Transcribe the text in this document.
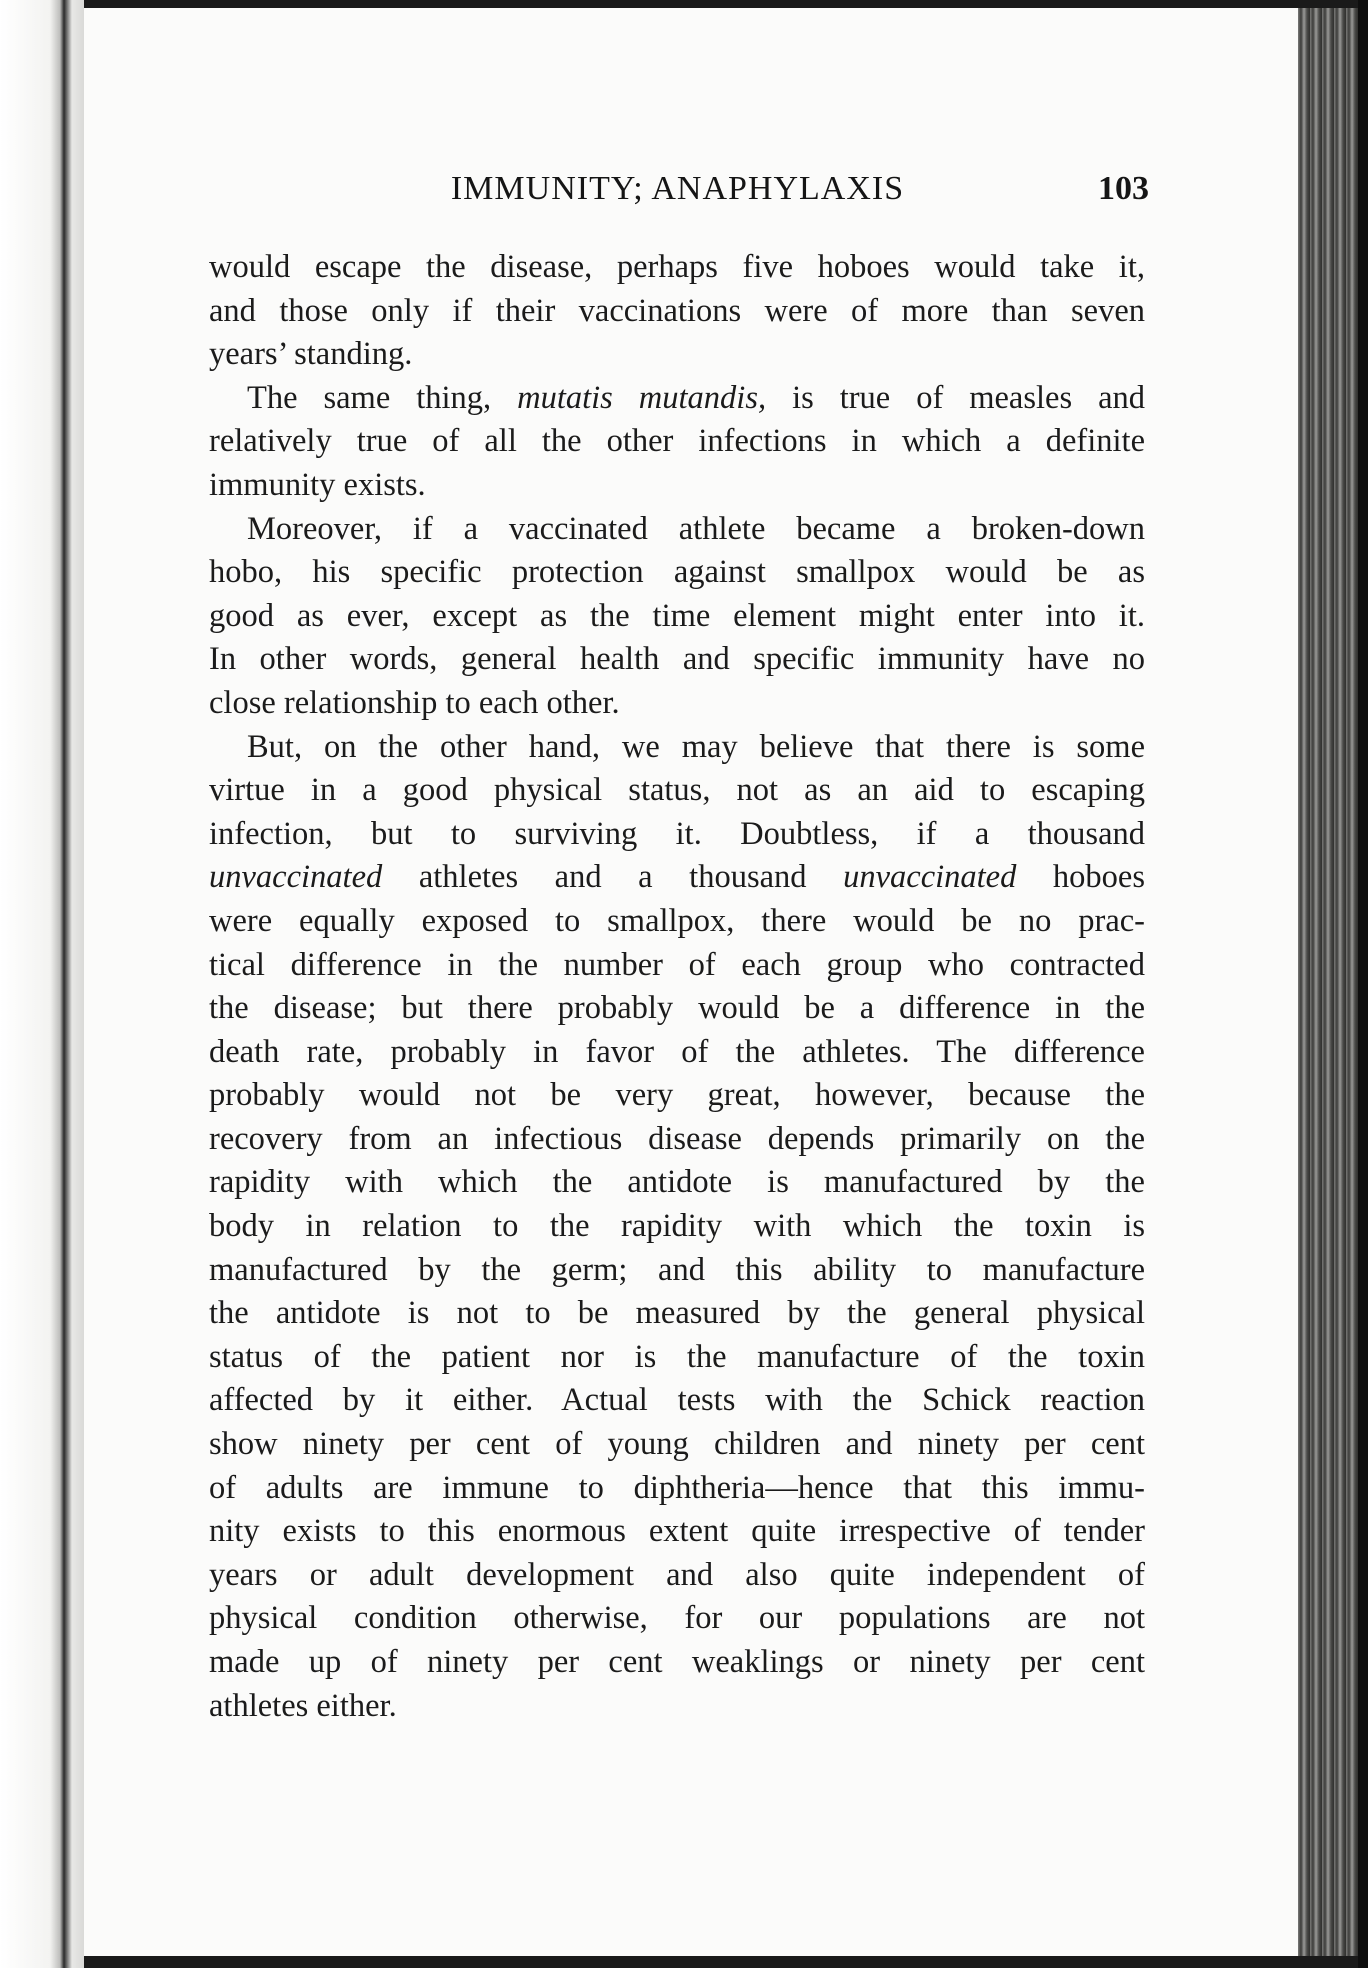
IMMUNITY; ANAPHYLAXIS	103
would escape the disease, perhaps five hoboes would take it,
and those only if their vaccinations were of more than seven
years’ standing.
The same thing, mutatis mutandis, is true of measles and
relatively true of all the other infections in which a definite
immunity exists.
Moreover, if a vaccinated athlete became a broken-down
hobo, his specific protection against smallpox would be as
good as ever, except as the time element might enter into it.
In other words, general health and specific immunity have no
close relationship to each other.
But, on the other hand, we may believe that there is some
virtue in a good physical status, not as an aid to escaping
infection, but to surviving it. Doubtless, if a thousand
unvaccinated athletes and a thousand unvaccinated hoboes
were equally exposed to smallpox, there would be no prac-
tical difference in the number of each group who contracted
the disease; but there probably would be a difference in the
death rate, probably in favor of the athletes. The difference
probably would not be very great, however, because the
recovery from an infectious disease depends primarily on the
rapidity with which the antidote is manufactured by the
body in relation to the rapidity with which the toxin is
manufactured by the germ; and this ability to manufacture
the antidote is not to be measured by the general physical
status of the patient nor is the manufacture of the toxin
affected by it either. Actual tests with the Schick reaction
show ninety per cent of young children and ninety per cent
of adults are immune to diphtheria—hence that this immu-
nity exists to this enormous extent quite irrespective of tender
years or adult development and also quite independent of
physical condition otherwise, for our populations are not
made up of ninety per cent weaklings or ninety per cent
athletes either.
